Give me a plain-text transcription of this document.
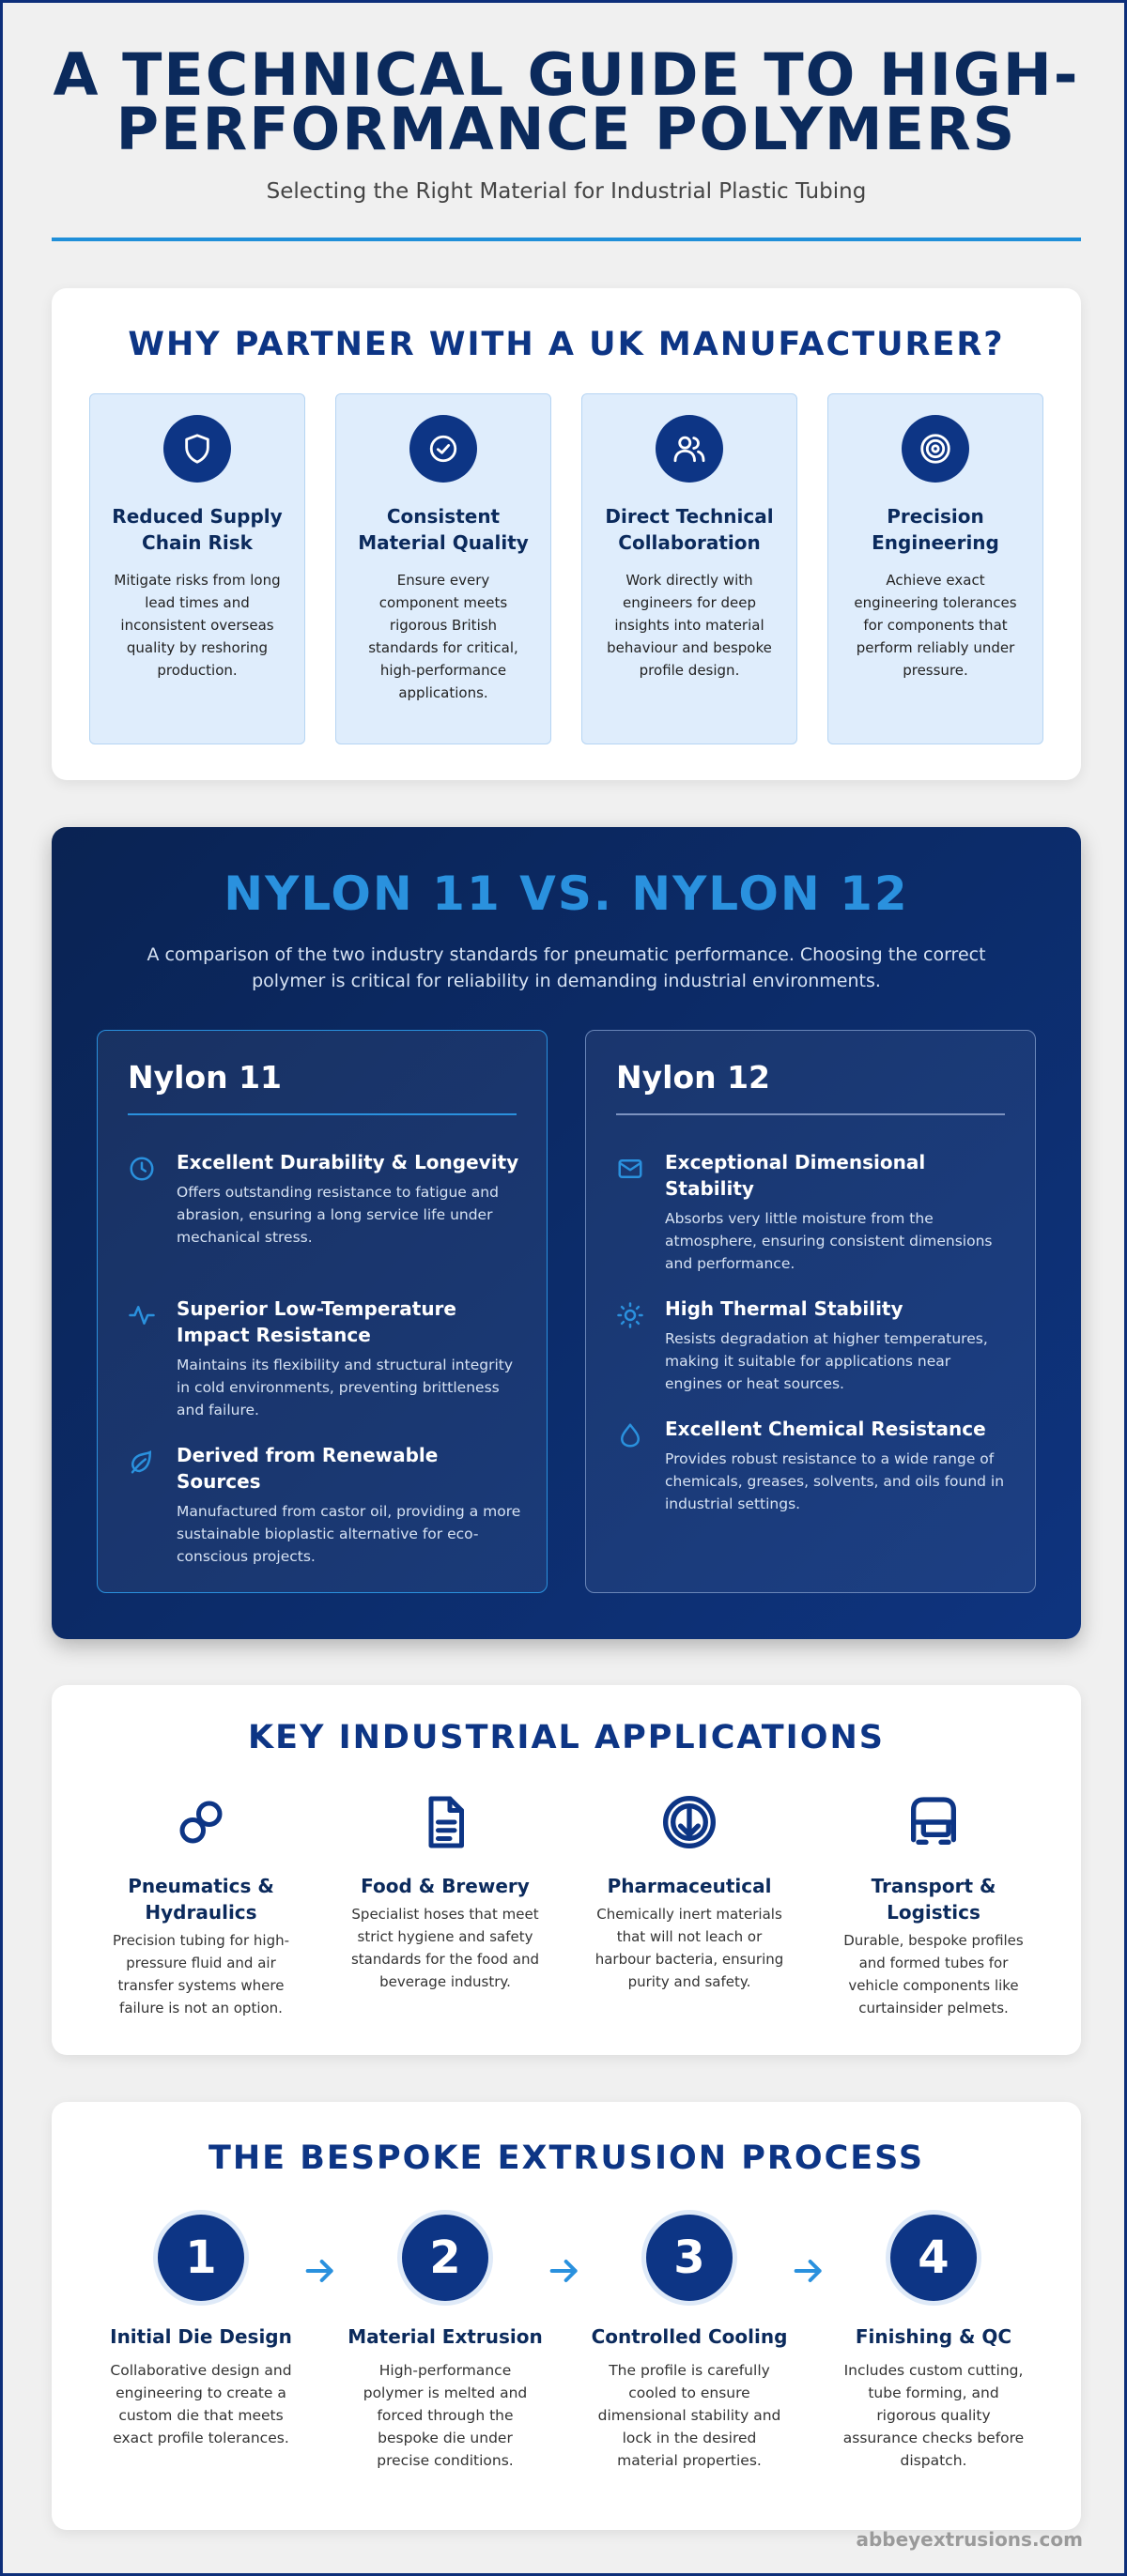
A TECHNICAL GUIDE TO HIGH-PERFORMANCE POLYMERS
Selecting the Right Material for Industrial Plastic Tubing
WHY PARTNER WITH A UK MANUFACTURER?
Reduced Supply Chain Risk
Mitigate risks from long lead times and inconsistent overseas quality by reshoring production.
Consistent Material Quality
Ensure every component meets rigorous British standards for critical, high-performance applications.
Direct Technical Collaboration
Work directly with engineers for deep insights into material behaviour and bespoke profile design.
Precision Engineering
Achieve exact engineering tolerances for components that perform reliably under pressure.
NYLON 11 VS. NYLON 12
A comparison of the two industry standards for pneumatic performance. Choosing the correct polymer is critical for reliability in demanding industrial environments.
Nylon 11
Excellent Durability & Longevity
Offers outstanding resistance to fatigue and abrasion, ensuring a long service life under mechanical stress.
Superior Low-Temperature Impact Resistance
Maintains its flexibility and structural integrity in cold environments, preventing brittleness and failure.
Derived from Renewable Sources
Manufactured from castor oil, providing a more sustainable bioplastic alternative for eco-conscious projects.
Nylon 12
Exceptional Dimensional Stability
Absorbs very little moisture from the atmosphere, ensuring consistent dimensions and performance.
High Thermal Stability
Resists degradation at higher temperatures, making it suitable for applications near engines or heat sources.
Excellent Chemical Resistance
Provides robust resistance to a wide range of chemicals, greases, solvents, and oils found in industrial settings.
KEY INDUSTRIAL APPLICATIONS
Pneumatics & Hydraulics
Precision tubing for high-pressure fluid and air transfer systems where failure is not an option.
Food & Brewery
Specialist hoses that meet strict hygiene and safety standards for the food and beverage industry.
Pharmaceutical
Chemically inert materials that will not leach or harbour bacteria, ensuring purity and safety.
Transport & Logistics
Durable, bespoke profiles and formed tubes for vehicle components like curtainsider pelmets.
THE BESPOKE EXTRUSION PROCESS
1
Initial Die Design
Collaborative design and engineering to create a custom die that meets exact profile tolerances.
2
Material Extrusion
High-performance polymer is melted and forced through the bespoke die under precise conditions.
3
Controlled Cooling
The profile is carefully cooled to ensure dimensional stability and lock in the desired material properties.
4
Finishing & QC
Includes custom cutting, tube forming, and rigorous quality assurance checks before dispatch.
abbeyextrusions.com
